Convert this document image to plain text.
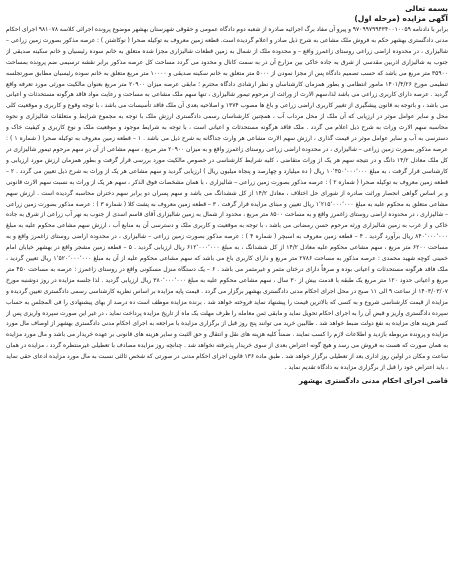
بسمه تعالی

آگهی مزایده (مرحله اول)

برابر با دادنامه ۹۷۰۹۹۷۹۹۴۳۴۰۰۱۰۰۵۹ و پیرو آن مفاد برگ اجرائیه صادره از شعبه دوم دادگاه عمومی و حقوقی شهرستان بهشهر موضوع پرونده اجرائی کلاسه ۹۸۱۰۷۸ اجرای احکام مدنی دادگستری بهشهر حکم به فروش ملک مشاعی به شرح ذیل صادر و اعلام گردیده است. قطعه زمین معروف به توکیله صحرا ( نوکاشتن ) : عرصه مذکور بصورت زمین زراعی – شالیزاری ، در محدوده اراضی زراعی روستای زاغمرز واقع – و محدوده ملک از شمال به زمین قطعات شالیزاری مجزا شده متعلق به خانم سوده رئیسیان و خانم سکینه صدیقی از جنوب به شالیزاری اذربین مقدسی از شرق به جاده خاکی بین مزارع آن در به سمت کانال و محدود می گردد مساحت کل عرصه مذکور برابر نقشه ترسیمی ضم پرونده بمساحت ۳۵۹۰۰ متر مربع می باشد که حسب تصمیم دادگاه پس از مجزا نمودن از ۵۰۰۰ متر متعلق به خانم سکینه صدیقی و ۱۰۰۰۰ متر مربع متعلق به خانم سوده رئیسیان مطابق صورتجلسه تنظیمی مورخ ۱۴۰۱/۴/۲۶ مامور انتظامی و بطور همزمان کارشناسان و نظر ارشادی دادگاه محترم ؛ مابقی عرصه میزان ۲۰۹۰۰ متر مربع بعنوان مالکیت مورثی مورد تعرفه واقع گردید . عرصه دارای کاربری زراعی می باشد لذا،سهم الارث از وراثت از مرحوم تیمور شالیزاری ، تنها سهم ملک مشاعی به مساحت و رعایت مواد فاقد هرگونه مستحدثات و اعیانی می باشد ، و باتوجه به قانون پیشگیری از تغییر کاربری اراضی زراعی و باغ ها مصوب ۱۳۷۴ و اصلاحیه بعدی آن ملک فاقد تأسیسات می باشد ، با توجه وقوع و کاربری و موقعیت کلی محل و سایر عوامل موثر در ارزیابی که آن ملک از محل مرداب آب ، همچنین کارشناسان رسمی دادگستری ارزش ملک با توجه به مجموع شرایط و متعلقات شالیزاری و نحوه محاسبه سهم الارث وراث به شرح ذیل اعلام می گردد . ملک فاقد هرگونه مستحدثات و اعیانی است ، با توجه به شرایط موجود و موقعیت ملک و نوع کاربری و کیفیت خاک و دسترسی به آب و سایر عوامل موثر در قیمت گذاری ، ارزش سهم الارث مشاعی هر وارث جداگانه به شرح ذیل می باشد . ۱ – قطعه زمین معروف به توکیله صحرا ( شماره ۱ ) : عرصه مذکور بصورت زمین زراعی – شالیزاری ، در محدوده اراضی زراعی روستای زاغمرز واقع و به میزان ۲۰۹۰۰ متر مربع ، سهم مشاعی از آن در سهم مرحوم تیمور شالیزاری در کل ملک معادل ۱۴/۲ دانگ و در نتیجه سهم هر یک از وراث متقاضی ، کلیه شرایط کارشناسی در خصوص مالکیت مورد بررسی قرار گرفت و بطور همزمان ارزش مورد ارزیابی و کارشناسی قرار گرفت ، به مبلغ ۱۰٬۴۵۰٬۰۰۰٬۰۰۰ ریال ( ده میلیارد و چهارصد و پنجاه میلیون ریال ) ارزیابی گردید و سهم مشاعی هر یک از وراث به شرح ذیل تعیین می گردد . ۲ – قطعه زمین معروف به توکیله صحرا ( شماره ۲ ) : عرصه مذکور بصورت زمین زراعی – شالیزاری ، با همان مشخصات فوق الذکر ، سهم هر یک از وراث به نسبت سهم الارث قانونی و بر اساس گواهی انحصار وراثت صادره از شورای حل اختلاف ، معادل ۱۴/۲ از کل ششدانگ می باشد و سهم پسران دو برابر سهم دختران محاسبه گردیده است . ارزش سهم مشاعی متعلق به محکوم علیه به مبلغ ۱٬۲۱۵٬۰۰۰٬۰۰۰ ریال تعیین و مبنای مزایده قرار گرفت . ۳ – قطعه زمین معروف به پشت کلا ( شماره ۳ ) : عرصه مذکور بصورت زمین زراعی – شالیزاری ، در محدوده اراضی روستای زاغمرز واقع و به مساحت ۸۵۰۰ متر مربع ، محدود از شمال به زمین شالیزاری آقای قاسم اسدی از جنوب به نهر آب زراعی از شرق به جاده خاکی و از غرب به زمین شالیزاری ورثه مرحوم حسن رمضانی می باشد ، با توجه به موقعیت و کاربری ملک و دسترسی آن به منابع آب ، ارزش سهم مشاعی محکوم علیه به مبلغ ۸۴۰٬۰۰۰٬۰۰۰ ریال برآورد گردید . ۴ – قطعه زمین معروف به اسبچر ( شماره ۴ ) : عرصه مذکور بصورت زمین زراعی – شالیزاری ، در محدوده اراضی روستای زاغمرز واقع و به مساحت ۶۲۰۰ متر مربع ، سهم مشاعی محکوم علیه معادل ۱۴/۲ از کل ششدانگ ، به مبلغ ۶۱۲٬۰۰۰٬۰۰۰ ریال ارزیابی گردید . ۵ – قطعه زمین مشجر واقع در بهشهر خیابان امام خمینی کوچه شهید محمدی : عرصه مذکور به مساحت ۲۷۸۶ متر مربع و دارای کاربری باغ می باشد که سهم مشاعی محکوم علیه از آن به مبلغ ۱٬۵۲۰٬۰۰۰٬۰۰۰ ریال تعیین گردید ، ملک فاقد هرگونه مستحدثات و اعیانی بوده و صرفاً دارای درختان مثمر و غیرمثمر می باشد . ۶ – یک دستگاه منزل مسکونی واقع در روستای زاغمرز : عرصه به مساحت ۴۵۰ متر مربع و اعیانی حدود ۱۲۰ متر مربع یک طبقه با قدمت بیش از ۳۰ سال ، سهم مشاعی محکوم علیه به مبلغ ۳۸۰٬۰۰۰٬۰۰۰ ریال ارزیابی گردید . لذا جلسه مزایده در روز دوشنبه مورخ ۱۴۰۳/۰۳/۰۷ از ساعت ۹ الی ۱۱ صبح در محل اجرای احکام مدنی دادگستری بهشهر برگزار می گردد . قیمت پایه مزایده بر اساس نظریه کارشناسی رسمی دادگستری تعیین گردیده و مزایده از قیمت کارشناسی شروع و به کسی که بالاترین قیمت را پیشنهاد نماید فروخته خواهد شد . برنده مزایده موظف است ده درصد از بهای پیشنهادی را فی المجلس به حساب سپرده دادگستری واریز و قبض آن را به اجرای احکام تحویل نماید و مابقی ثمن معامله را ظرف مهلت یک ماه از تاریخ مزایده پرداخت نماید ، در غیر این صورت سپرده واریزی پس از کسر هزینه های مزایده به نفع دولت ضبط خواهد شد . طالبین خرید می توانند پنج روز قبل از برگزاری مزایده با مراجعه به اجرای احکام مدنی دادگستری بهشهر از اوصاف مال مورد مزایده و پرونده مربوطه بازدید و اطلاعات لازم را کسب نمایند . ضمناً کلیه هزینه های نقل و انتقال و حق الثبت و سایر هزینه های قانونی بر عهده خریدار می باشد و مال مورد مزایده به همان صورت که هست به فروش می رسد و هیچ گونه اعتراض بعدی از سوی خریدار پذیرفته نخواهد شد . چنانچه روز مزایده مصادف با تعطیلی غیرمنتظره گردد ، مزایده در همان ساعت و مکان در اولین روز اداری بعد از تعطیلی برگزار خواهد شد . طبق ماده ۱۳۶ قانون اجرای احکام مدنی در صورتی که شخص ثالثی نسبت به مال مورد مزایده ادعای حقی نماید ، باید اعتراض خود را قبل از برگزاری مزایده به دادگاه تقدیم نماید .

قاضی اجرای احکام مدنی دادگستری بهشهر
